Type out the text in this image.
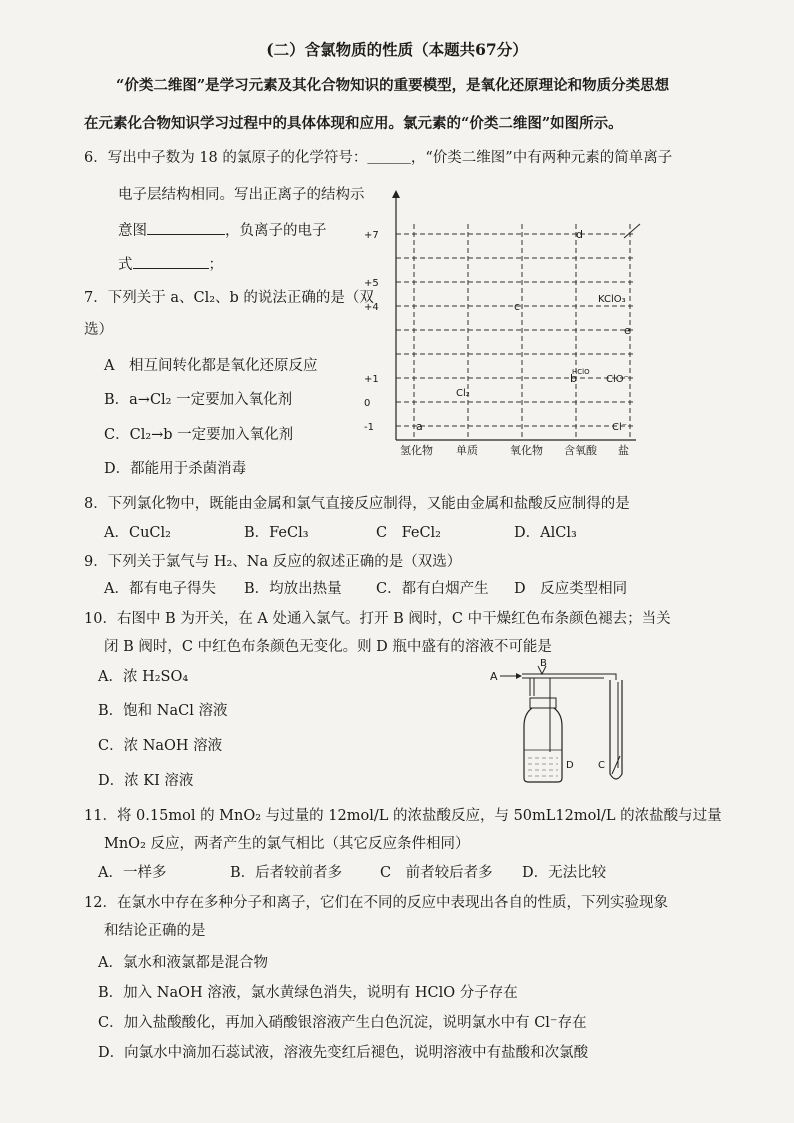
(二）含氯物质的性质（本题共67分）
“价类二维图”是学习元素及其化合物知识的重要模型，是氧化还原理论和物质分类思想
在元素化合物知识学习过程中的具体体现和应用。氯元素的“价类二维图”如图所示。
6．写出中子数为 18 的氯原子的化学符号：＿＿＿，“价类二维图”中有两种元素的简单离子
电子层结构相同。写出正离子的结构示
意图	，负离子的电子
式	；
7．下列关于 a、Cl₂、b 的说法正确的是（双
选）
A　相互间转化都是氧化还原反应
B．a→Cl₂ 一定要加入氧化剂
C．Cl₂→b 一定要加入氧化剂
D．都能用于杀菌消毒
+7
+5
+4
+1
0
-1
氢化物 单质	氧化物 含氧酸 盐
d
KClO₃
c
e
b
HClO
ClO⁻
Cl₂
a	Cl⁻
8．下列氯化物中，既能由金属和氯气直接反应制得，又能由金属和盐酸反应制得的是
A．CuCl₂	B．FeCl₃	C　FeCl₂	D．AlCl₃
9．下列关于氯气与 H₂、Na 反应的叙述正确的是（双选）
A．都有电子得失 B．均放出热量 C．都有白烟产生 D　反应类型相同
10．右图中 B 为开关，在 A 处通入氯气。打开 B 阀时，C 中干燥红色布条颜色褪去；当关
闭 B 阀时，C 中红色布条颜色无变化。则 D 瓶中盛有的溶液不可能是
A．浓 H₂SO₄
B．饱和 NaCl 溶液
C．浓 NaOH 溶液
D．浓 KI 溶液
A
B
D C
11．将 0.15mol 的 MnO₂ 与过量的 12mol/L 的浓盐酸反应，与 50mL12mol/L 的浓盐酸与过量
MnO₂ 反应，两者产生的氯气相比（其它反应条件相同）
A．一样多	B．后者较前者多	C　前者较后者多 D．无法比较
12．在氯水中存在多种分子和离子，它们在不同的反应中表现出各自的性质，下列实验现象
和结论正确的是
A．氯水和液氯都是混合物
B．加入 NaOH 溶液，氯水黄绿色消失，说明有 HClO 分子存在
C．加入盐酸酸化，再加入硝酸银溶液产生白色沉淀，说明氯水中有 Cl⁻存在
D．向氯水中滴加石蕊试液，溶液先变红后褪色，说明溶液中有盐酸和次氯酸
